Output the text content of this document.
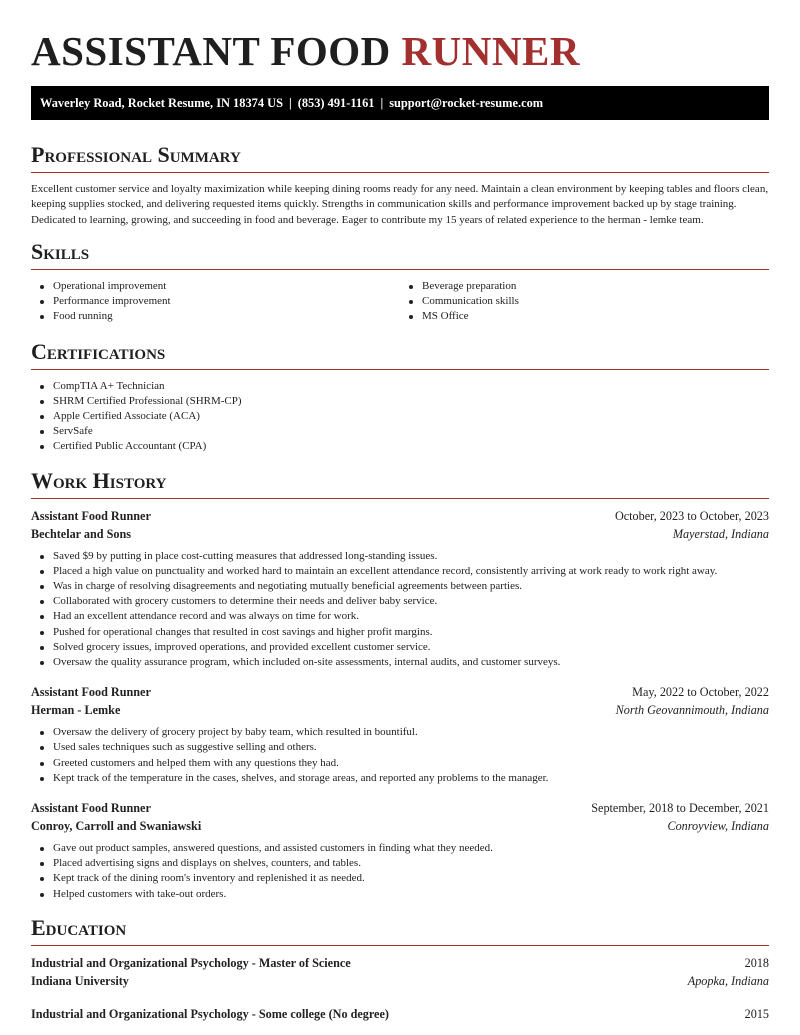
ASSISTANT FOOD RUNNER
Waverley Road, Rocket Resume, IN 18374 US | (853) 491-1161 | support@rocket-resume.com
Professional Summary

Excellent customer service and loyalty maximization while keeping dining rooms ready for any need. Maintain a clean environment by keeping tables and floors clean, keeping supplies stocked, and delivering requested items quickly. Strengths in communication skills and performance improvement backed up by stage training. Dedicated to learning, growing, and succeeding in food and beverage. Eager to contribute my 15 years of related experience to the herman - lemke team.

Skills
Operational improvement
Performance improvement
Food running
Beverage preparation
Communication skills
MS Office
Certifications
CompTIA A+ Technician
SHRM Certified Professional (SHRM-CP)
Apple Certified Associate (ACA)
ServSafe
Certified Public Accountant (CPA)
Work History
Assistant Food Runner	October, 2023 to October, 2023
Bechtelar and Sons	Mayerstad, Indiana
Saved $9 by putting in place cost-cutting measures that addressed long-standing issues.
Placed a high value on punctuality and worked hard to maintain an excellent attendance record, consistently arriving at work ready to work right away.
Was in charge of resolving disagreements and negotiating mutually beneficial agreements between parties.
Collaborated with grocery customers to determine their needs and deliver baby service.
Had an excellent attendance record and was always on time for work.
Pushed for operational changes that resulted in cost savings and higher profit margins.
Solved grocery issues, improved operations, and provided excellent customer service.
Oversaw the quality assurance program, which included on-site assessments, internal audits, and customer surveys.
Assistant Food Runner	May, 2022 to October, 2022
Herman - Lemke	North Geovannimouth, Indiana
Oversaw the delivery of grocery project by baby team, which resulted in bountiful.
Used sales techniques such as suggestive selling and others.
Greeted customers and helped them with any questions they had.
Kept track of the temperature in the cases, shelves, and storage areas, and reported any problems to the manager.
Assistant Food Runner	September, 2018 to December, 2021
Conroy, Carroll and Swaniawski	Conroyview, Indiana
Gave out product samples, answered questions, and assisted customers in finding what they needed.
Placed advertising signs and displays on shelves, counters, and tables.
Kept track of the dining room's inventory and replenished it as needed.
Helped customers with take-out orders.
Education
Industrial and Organizational Psychology - Master of Science	2018
Indiana University	Apopka, Indiana
Industrial and Organizational Psychology - Some college (No degree)	2015
